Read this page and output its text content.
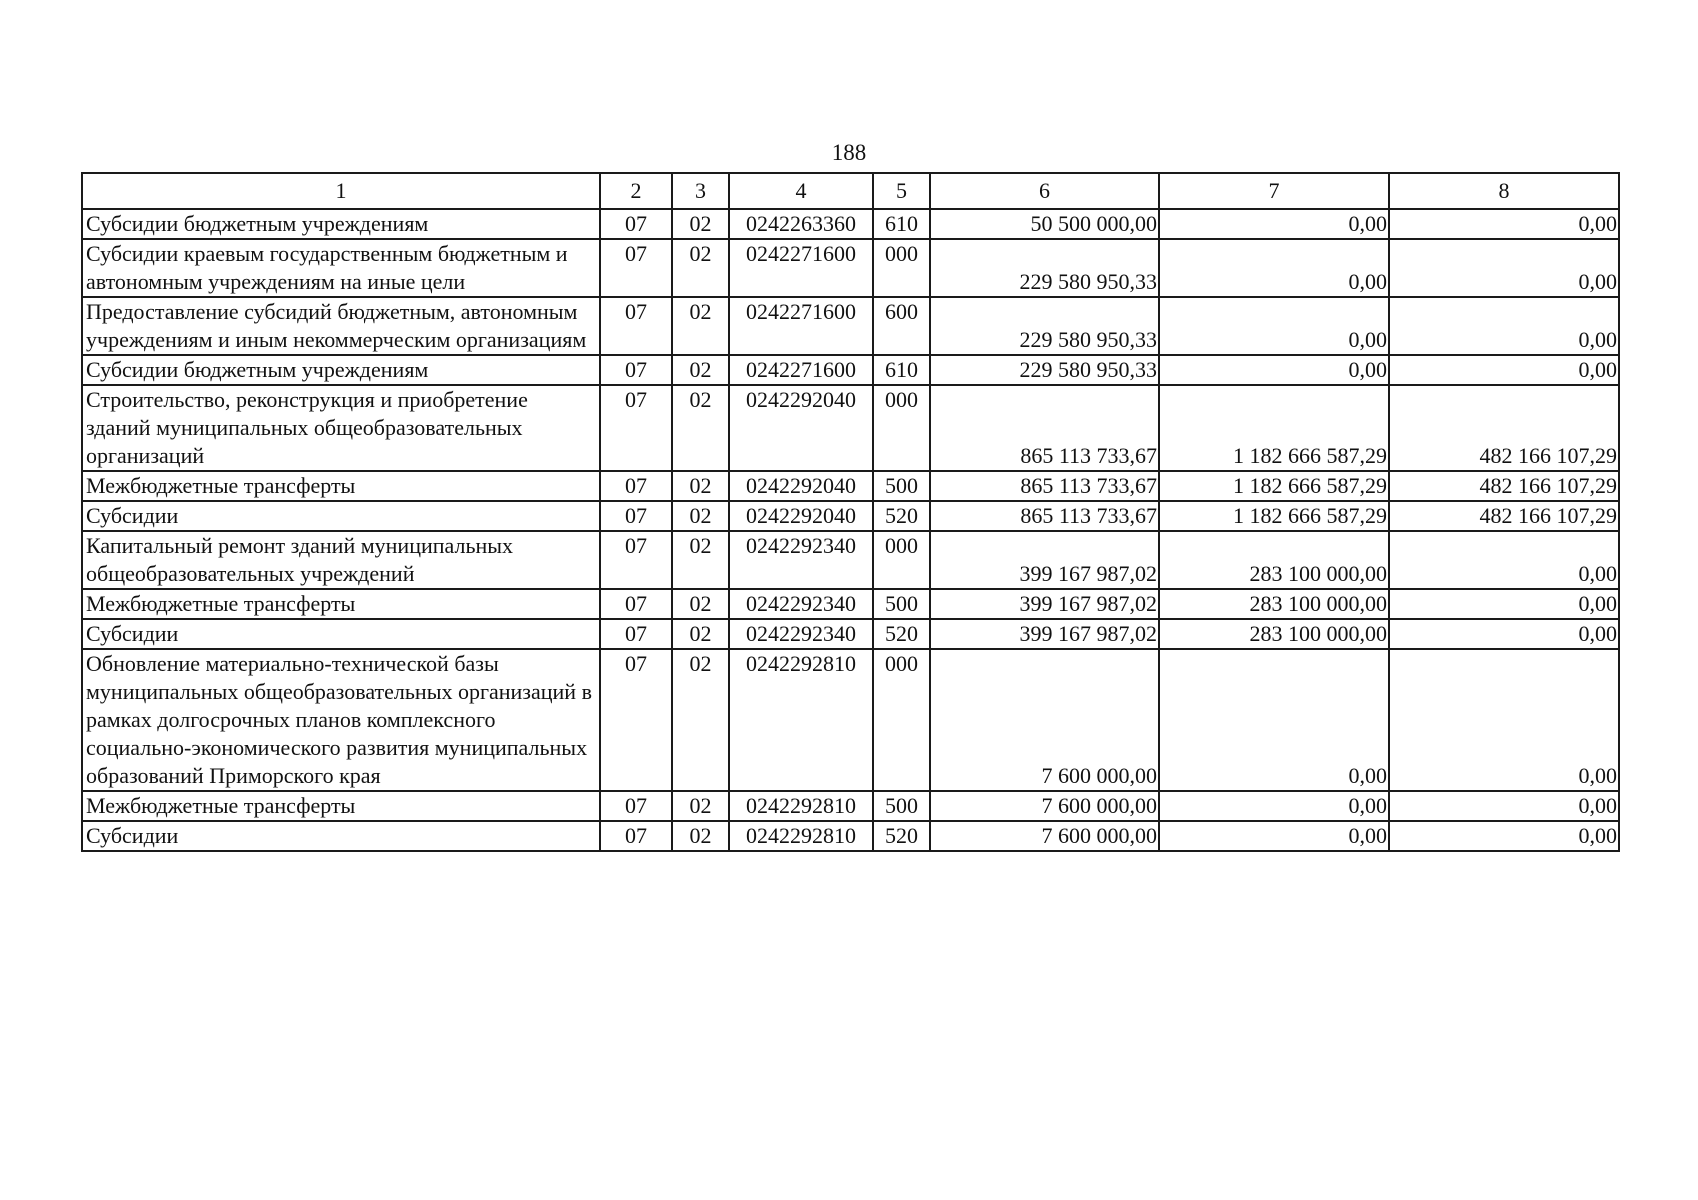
188
1	2	3	4	5	6	7	8
Субсидии бюджетным учреждениям	07	02	0242263360	610	50 500 000,00	0,00	0,00
Субсидии краевым государственным бюджетным и автономным учреждениям на иные цели	07	02	0242271600	000	229 580 950,33	0,00	0,00
Предоставление субсидий бюджетным, автономным учреждениям и иным некоммерческим организациям	07	02	0242271600	600	229 580 950,33	0,00	0,00
Субсидии бюджетным учреждениям	07	02	0242271600	610	229 580 950,33	0,00	0,00
Строительство, реконструкция и приобретение зданий муниципальных общеобразовательных организаций	07	02	0242292040	000	865 113 733,67	1 182 666 587,29	482 166 107,29
Межбюджетные трансферты	07	02	0242292040	500	865 113 733,67	1 182 666 587,29	482 166 107,29
Субсидии	07	02	0242292040	520	865 113 733,67	1 182 666 587,29	482 166 107,29
Капитальный ремонт зданий муниципальных общеобразовательных учреждений	07	02	0242292340	000	399 167 987,02	283 100 000,00	0,00
Межбюджетные трансферты	07	02	0242292340	500	399 167 987,02	283 100 000,00	0,00
Субсидии	07	02	0242292340	520	399 167 987,02	283 100 000,00	0,00
Обновление материально-технической базы муниципальных общеобразовательных организаций в рамках долгосрочных планов комплексного социально-экономического развития муниципальных образований Приморского края	07	02	0242292810	000	7 600 000,00	0,00	0,00
Межбюджетные трансферты	07	02	0242292810	500	7 600 000,00	0,00	0,00
Субсидии	07	02	0242292810	520	7 600 000,00	0,00	0,00
